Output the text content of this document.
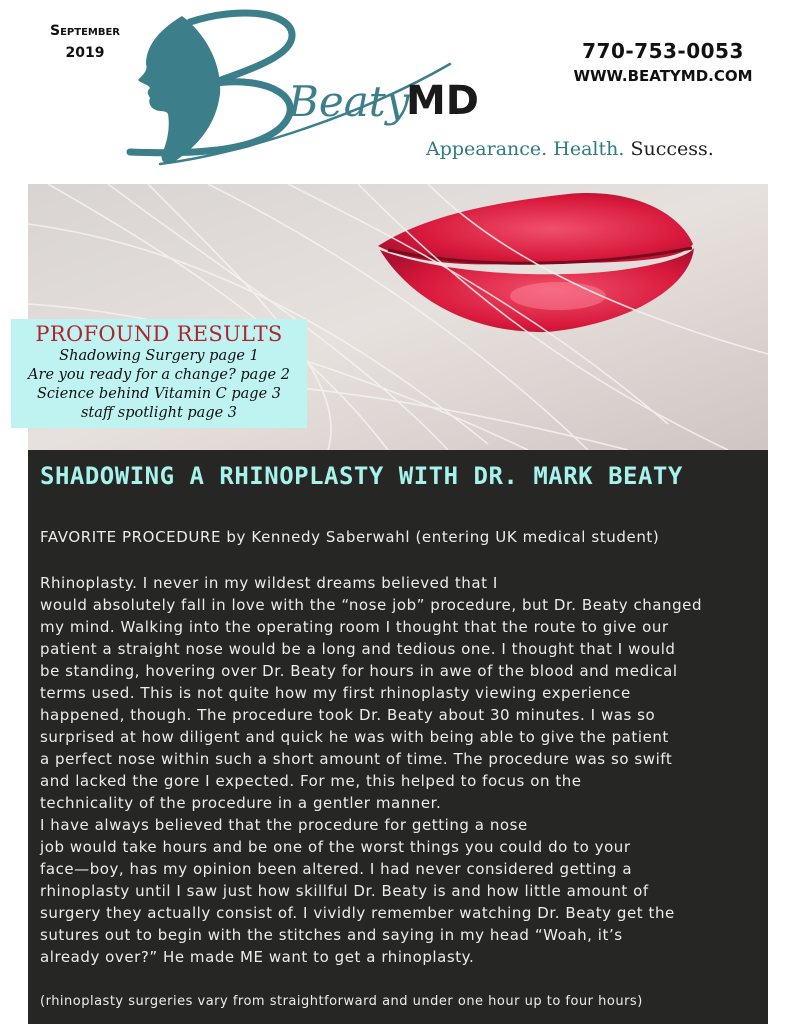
September
2019
Beaty
MD
770-753-0053
WWW.BEATYMD.COM
Appearance. Health. Success.
PROFOUND RESULTS
Shadowing Surgery page 1
Are you ready for a change? page 2
Science behind Vitamin C page 3
staff spotlight page 3
SHADOWING A RHINOPLASTY WITH DR. MARK BEATY
FAVORITE PROCEDURE by Kennedy Saberwahl (entering UK medical student)
Rhinoplasty. I never in my wildest dreams believed that I
would absolutely fall in love with the “nose job” procedure, but Dr. Beaty changed
my mind. Walking into the operating room I thought that the route to give our
patient a straight nose would be a long and tedious one. I thought that I would
be standing, hovering over Dr. Beaty for hours in awe of the blood and medical
terms used. This is not quite how my first rhinoplasty viewing experience
happened, though. The procedure took Dr. Beaty about 30 minutes. I was so
surprised at how diligent and quick he was with being able to give the patient
a perfect nose within such a short amount of time. The procedure was so swift
and lacked the gore I expected. For me, this helped to focus on the
technicality of the procedure in a gentler manner.
I have always believed that the procedure for getting a nose
job would take hours and be one of the worst things you could do to your
face—boy, has my opinion been altered. I had never considered getting a
rhinoplasty until I saw just how skillful Dr. Beaty is and how little amount of
surgery they actually consist of. I vividly remember watching Dr. Beaty get the
sutures out to begin with the stitches and saying in my head “Woah, it’s
already over?” He made ME want to get a rhinoplasty.
(rhinoplasty surgeries vary from straightforward and under one hour up to four hours)
